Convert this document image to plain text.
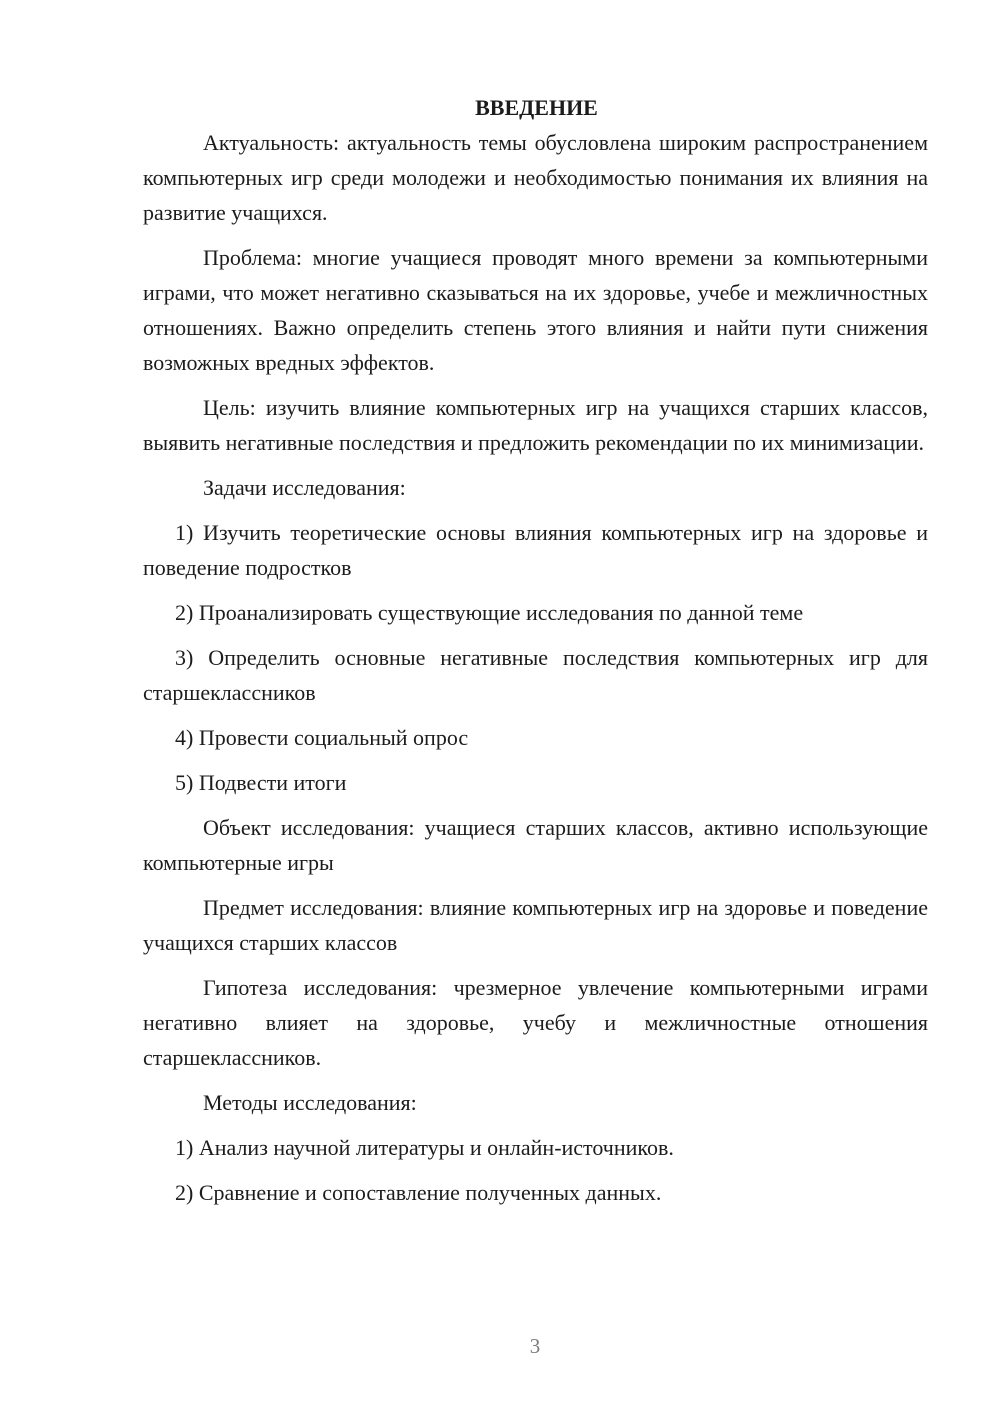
ВВЕДЕНИЕ

Актуальность: актуальность темы обусловлена широким распространением компьютерных игр среди молодежи и необходимостью понимания их влияния на развитие учащихся.

Проблема: многие учащиеся проводят много времени за компьютерными играми, что может негативно сказываться на их здоровье, учебе и межличностных отношениях. Важно определить степень этого влияния и найти пути снижения возможных вредных эффектов.

Цель: изучить влияние компьютерных игр на учащихся старших классов, выявить негативные последствия и предложить рекомендации по их минимизации.

Задачи исследования:

1) Изучить теоретические основы влияния компьютерных игр на здоровье и поведение подростков

2) Проанализировать существующие исследования по данной теме

3) Определить основные негативные последствия компьютерных игр для старшеклассников

4) Провести социальный опрос

5) Подвести итоги

Объект исследования: учащиеся старших классов, активно использующие компьютерные игры

Предмет исследования: влияние компьютерных игр на здоровье и поведение учащихся старших классов

Гипотеза исследования: чрезмерное увлечение компьютерными играми негативно влияет на здоровье, учебу и межличностные отношения старшеклассников.

Методы исследования:

1) Анализ научной литературы и онлайн-источников.

2) Сравнение и сопоставление полученных данных.

3
